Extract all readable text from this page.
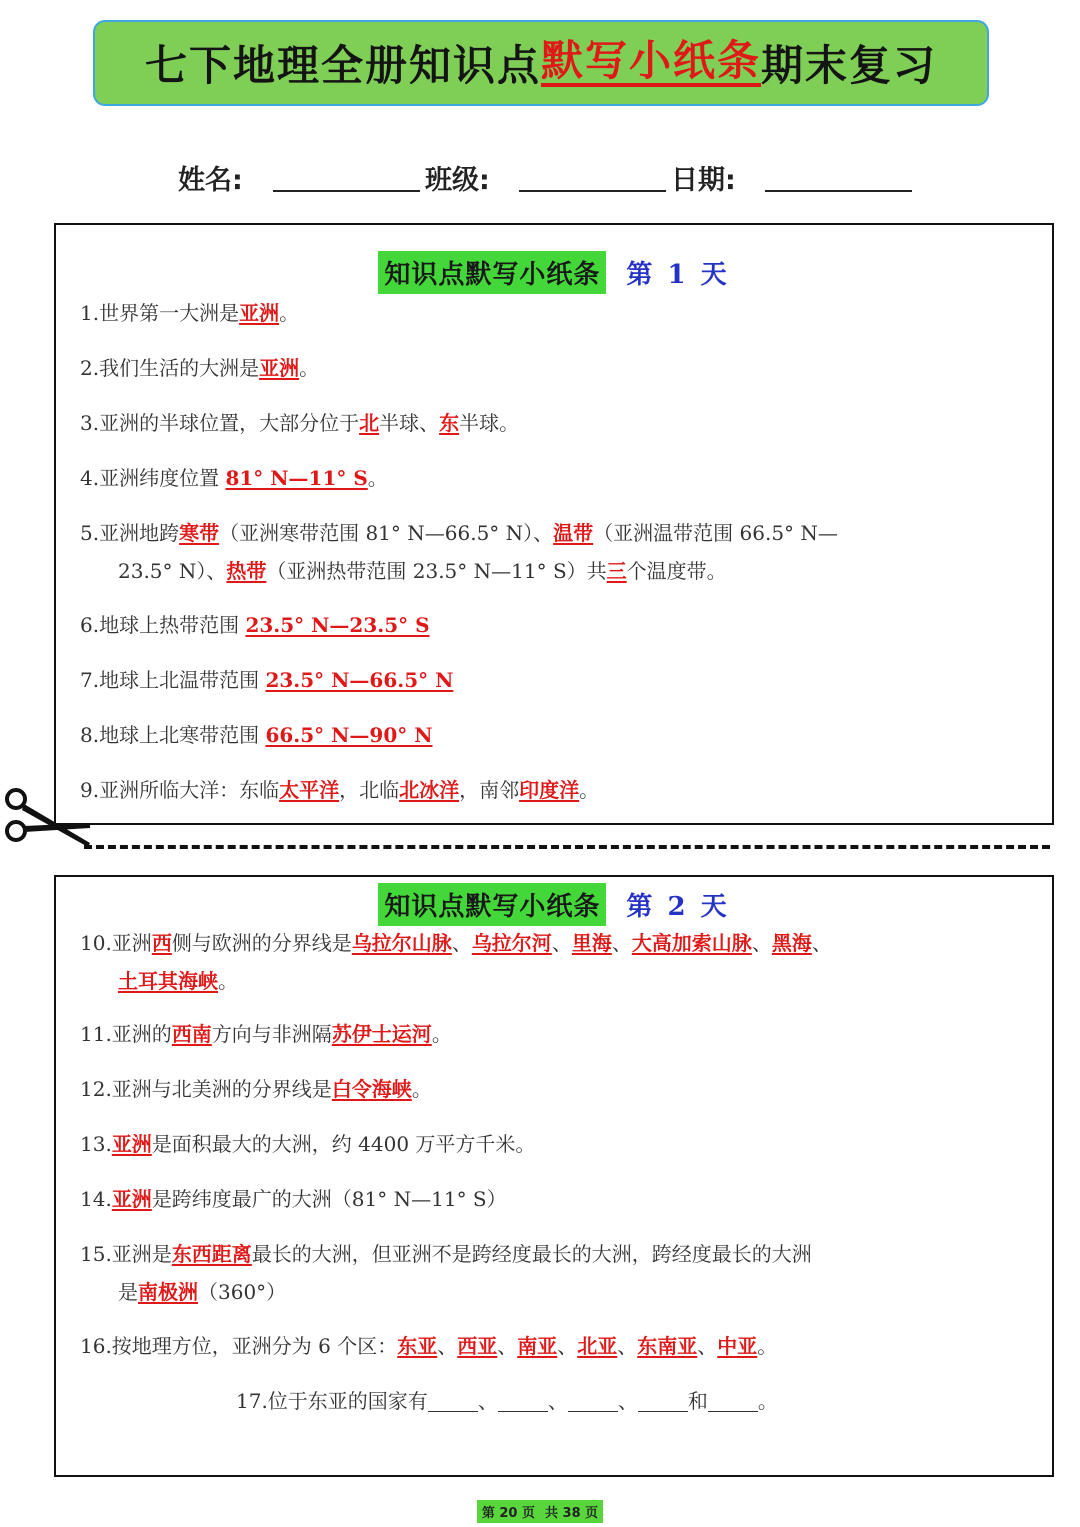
七下地理全册知识点 默写小纸条 期末复习
姓名:	班级:	日期:
知识点默写小纸条 第 1 天
1.世界第一大洲是亚洲。
2.我们生活的大洲是亚洲。
3.亚洲的半球位置，大部分位于北半球、东半球。
4.亚洲纬度位置 81° N—11° S。
5.亚洲地跨寒带（亚洲寒带范围 81° N—66.5° N）、温带（亚洲温带范围 66.5° N—
23.5° N）、热带（亚洲热带范围 23.5° N—11° S）共三个温度带。
6.地球上热带范围 23.5° N—23.5° S
7.地球上北温带范围 23.5° N—66.5° N
8.地球上北寒带范围 66.5° N—90° N
9.亚洲所临大洋：东临太平洋，北临北冰洋，南邻印度洋。
知识点默写小纸条 第 2 天
10.亚洲西侧与欧洲的分界线是乌拉尔山脉、乌拉尔河、里海、大高加索山脉、黑海、
土耳其海峡。
11.亚洲的西南方向与非洲隔苏伊士运河。
12.亚洲与北美洲的分界线是白令海峡。
13.亚洲是面积最大的大洲，约 4400 万平方千米。
14.亚洲是跨纬度最广的大洲（81° N—11° S）
15.亚洲是东西距离最长的大洲，但亚洲不是跨经度最长的大洲，跨经度最长的大洲
是南极洲（360°）
16.按地理方位，亚洲分为 6 个区：东亚、西亚、南亚、北亚、东南亚、中亚。
17.位于东亚的国家有	、	、	、	和	。
第 20 页 共 38 页
